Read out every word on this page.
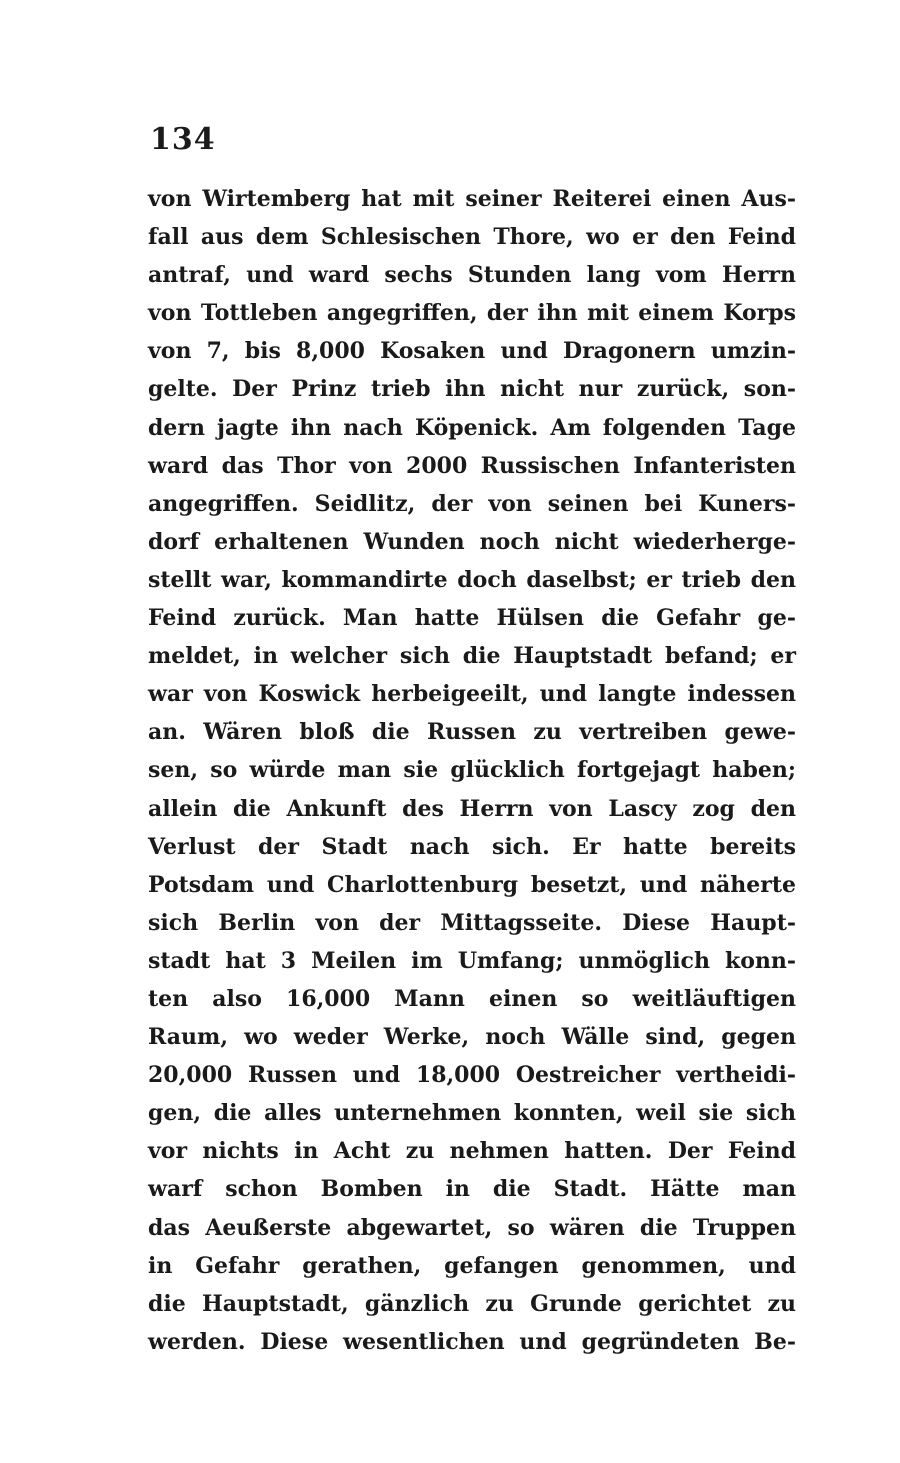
134
von Wirtemberg hat mit seiner Reiterei einen Aus-
fall aus dem Schlesischen Thore, wo er den Feind
antraf, und ward sechs Stunden lang vom Herrn
von Tottleben angegriffen, der ihn mit einem Korps
von 7, bis 8,000 Kosaken und Dragonern umzin-
gelte. Der Prinz trieb ihn nicht nur zurück, son-
dern jagte ihn nach Köpenick. Am folgenden Tage
ward das Thor von 2000 Russischen Infanteristen
angegriffen. Seidlitz, der von seinen bei Kuners-
dorf erhaltenen Wunden noch nicht wiederherge-
stellt war, kommandirte doch daselbst; er trieb den
Feind zurück. Man hatte Hülsen die Gefahr ge-
meldet, in welcher sich die Hauptstadt befand; er
war von Koswick herbeigeeilt, und langte indessen
an. Wären bloß die Russen zu vertreiben gewe-
sen, so würde man sie glücklich fortgejagt haben;
allein die Ankunft des Herrn von Lascy zog den
Verlust der Stadt nach sich. Er hatte bereits
Potsdam und Charlottenburg besetzt, und näherte
sich Berlin von der Mittagsseite. Diese Haupt-
stadt hat 3 Meilen im Umfang; unmöglich konn-
ten also 16,000 Mann einen so weitläuftigen
Raum, wo weder Werke, noch Wälle sind, gegen
20,000 Russen und 18,000 Oestreicher vertheidi-
gen, die alles unternehmen konnten, weil sie sich
vor nichts in Acht zu nehmen hatten. Der Feind
warf schon Bomben in die Stadt. Hätte man
das Aeußerste abgewartet, so wären die Truppen
in Gefahr gerathen, gefangen genommen, und
die Hauptstadt, gänzlich zu Grunde gerichtet zu
werden. Diese wesentlichen und gegründeten Be-
